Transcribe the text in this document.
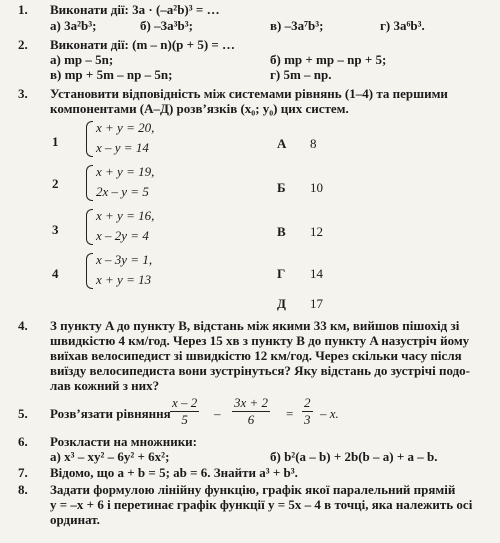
1. Виконати дії: 3a · (–a²b)³ = …
а) 3a²b³;	б) –3a³b³;	в) –3a⁷b³;	г) 3a⁶b³.
2. Виконати дії: (m – n)(p + 5) = …
а) mp – 5n;	б) mp + mp – np + 5;
в) mp + 5m – np – 5n;	г) 5m – np.
3. Установити відповідність між системами рівнянь (1–4) та першими
компонентами (А–Д) розв’язків (x₀; y₀) цих систем.
1
x + y = 20,
x – y = 14	А 8
2
x + y = 19,
2x – y = 5	Б 10
3
x + y = 16,
x – 2y = 4	В 12
4
x – 3y = 1,
x + y = 13	Г 14
Д 17
4. З пункту A до пункту B, відстань між якими 33 км, вийшов пішохід зі
швидкістю 4 км/год. Через 15 хв з пункту B до пункту A назустріч йому
виїхав велосипедист зі швидкістю 12 км/год. Через скільки часу після
виїзду велосипедиста вони зустрінуться? Яку відстань до зустрічі подо-
лав кожний з них?
5. Розв’язати рівняння $\frac{x - 2}{5} - \frac{3x + 2}{6} = \frac{2}{3} - x$.
6. Розкласти на множники:
а) x³ – xy² – 6y² + 6x²;	б) b²(a – b) + 2b(b – a) + a – b.
7. Відомо, що a + b = 5; ab = 6. Знайти a³ + b³.
8. Задати формулою лінійну функцію, графік якої паралельний прямій
y = –x + 6 і перетинає графік функції y = 5x – 4 в точці, яка належить осі
ординат.
